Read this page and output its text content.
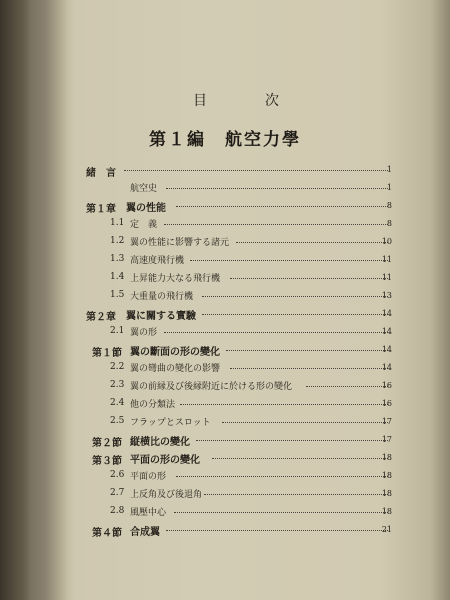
目　次
第１編　航空力學
緒　言	1
航空史	1
第１章 翼の性能	8
1.1 定　義	8
1.2 翼の性能に影響する諸元	10
1.3 高速度飛行機	11
1.4 上昇能力大なる飛行機	11
1.5 大重量の飛行機	13
第２章 翼に關する實驗	14
2.1 翼の形	14
第１節 翼の斷面の形の變化	14
2.2 翼の彎曲の變化の影響	14
2.3 翼の前縁及び後縁附近に於ける形の變化	16
2.4 他の分類法	16
2.5 フラップとスロット	17
第２節 縦横比の變化	17
第３節 平面の形の變化	18
2.6 平面の形	18
2.7 上反角及び後退角	18
2.8 風壓中心	18
第４節 合成翼	21
